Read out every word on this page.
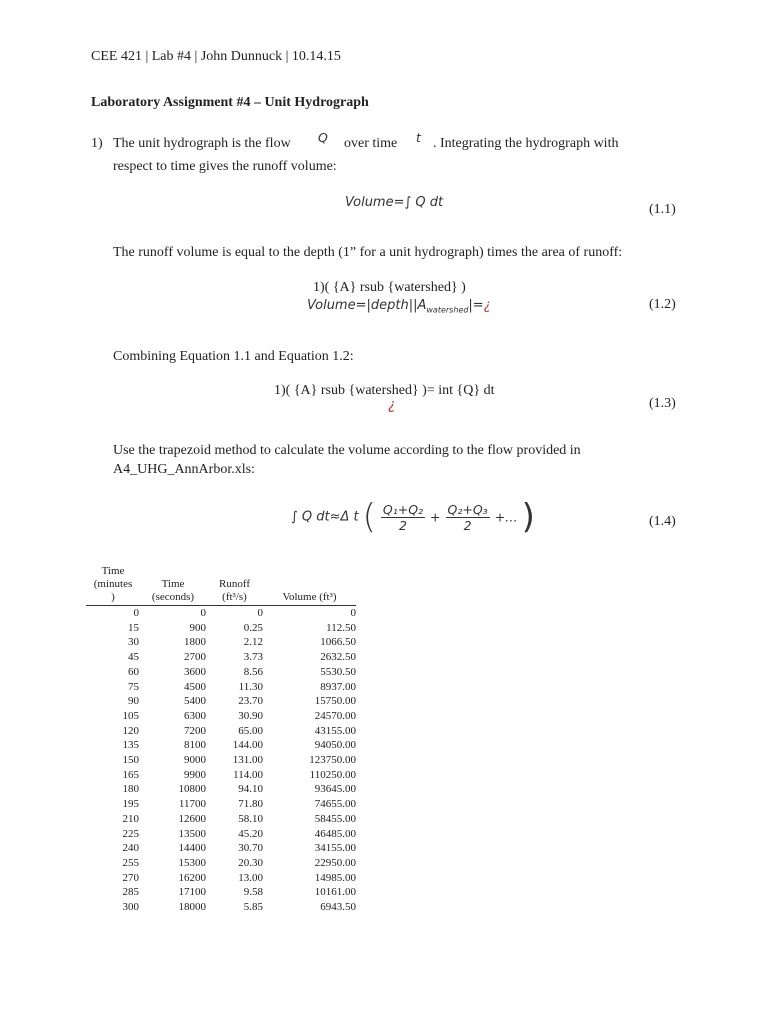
CEE 421 | Lab #4 | John Dunnuck | 10.14.15
Laboratory Assignment #4 – Unit Hydrograph
1) The unit hydrograph is the flow Q over time t . Integrating the hydrograph with
respect to time gives the runoff volume:
Volume=∫ Q dt	(1.1)
The runoff volume is equal to the depth (1” for a unit hydrograph) times the area of runoff:
1)( {A} rsub {watershed} )
$Volume=|depth||A_{watershed}|=¿$	(1.2)
Combining Equation 1.1 and Equation 1.2:
1)( {A} rsub {watershed} )= int {Q} dt
¿	(1.3)
Use the trapezoid method to calculate the volume according to the flow provided in
A4_UHG_AnnArbor.xls:
∫ Q dt≈Δ t ( $\frac{\text{Q₁+Q₂}}{2} + \frac{\text{Q₂+Q₃}}{2}$ +… )	(1.4)
Time
(minutes
)	Time
(seconds)	Runoff
(ft³/s)	Volume (ft³)
0	0	0	0
15	900	0.25	112.50
30	1800	2.12	1066.50
45	2700	3.73	2632.50
60	3600	8.56	5530.50
75	4500	11.30	8937.00
90	5400	23.70	15750.00
105	6300	30.90	24570.00
120	7200	65.00	43155.00
135	8100	144.00	94050.00
150	9000	131.00	123750.00
165	9900	114.00	110250.00
180	10800	94.10	93645.00
195	11700	71.80	74655.00
210	12600	58.10	58455.00
225	13500	45.20	46485.00
240	14400	30.70	34155.00
255	15300	20.30	22950.00
270	16200	13.00	14985.00
285	17100	9.58	10161.00
300	18000	5.85	6943.50
